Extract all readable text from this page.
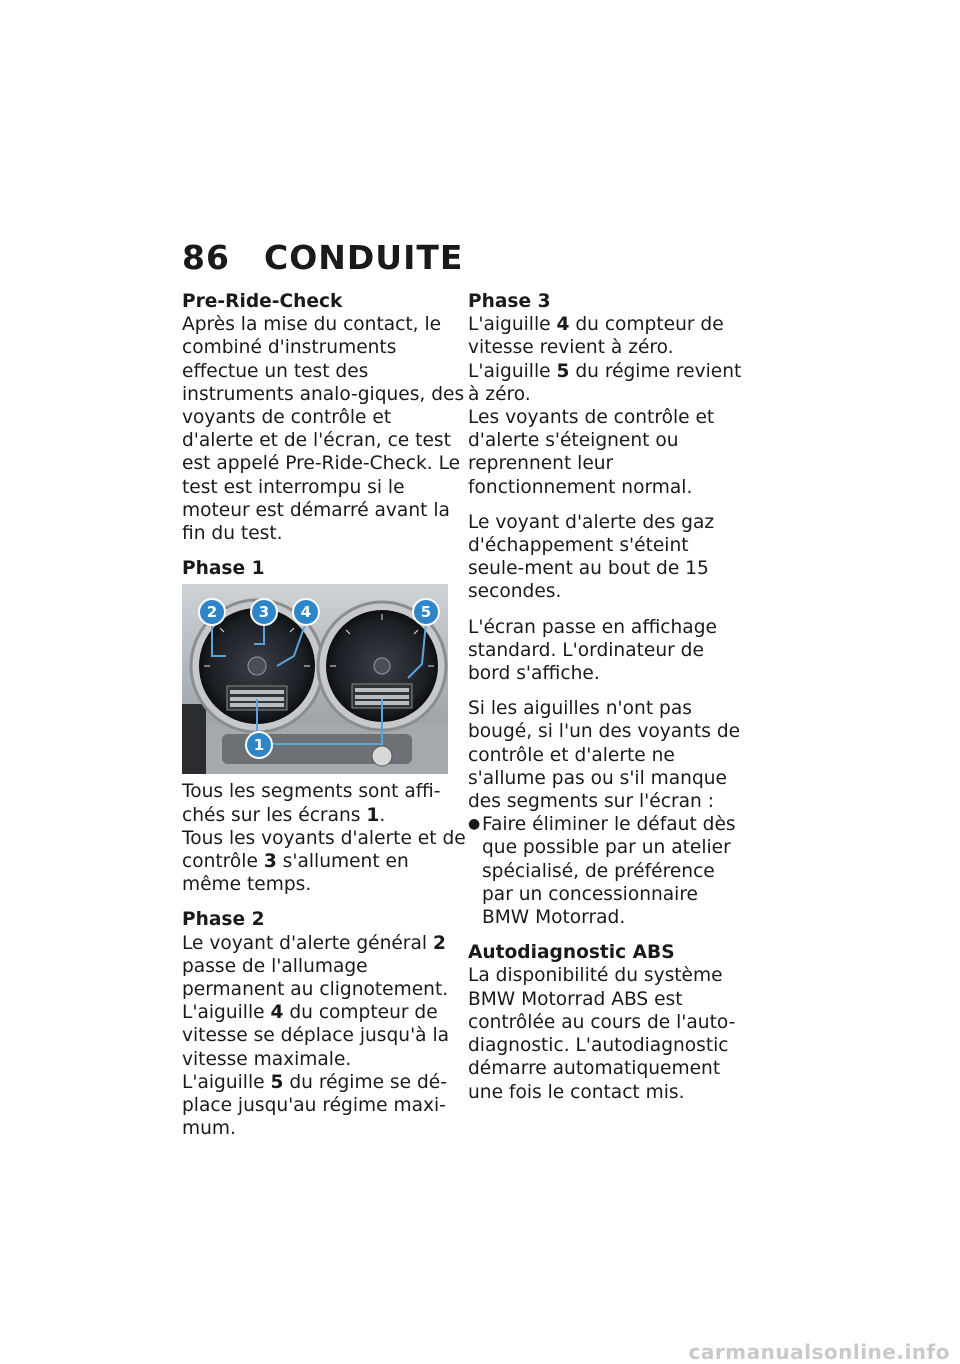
86	CONDUITE
Pre-Ride-Check

Après la mise du contact, le combiné d'instruments effectue un test des instruments analo-giques, des voyants de contrôle et d'alerte et de l'écran, ce test est appelé Pre-Ride-Check. Le test est interrompu si le moteur est démarré avant la fin du test.

Phase 1
2	3 4	5
1

Tous les segments sont affi-chés sur les écrans 1.

Tous les voyants d'alerte et de contrôle 3 s'allument en même temps.

Phase 2

Le voyant d'alerte général 2 passe de l'allumage permanent au clignotement.

L'aiguille 4 du compteur de vitesse se déplace jusqu'à la vitesse maximale.

L'aiguille 5 du régime se dé-place jusqu'au régime maxi-mum.

Phase 3

L'aiguille 4 du compteur de vitesse revient à zéro.

L'aiguille 5 du régime revient à zéro.

Les voyants de contrôle et d'alerte s'éteignent ou reprennent leur fonctionnement normal.

Le voyant d'alerte des gaz d'échappement s'éteint seule-ment au bout de 15 secondes.

L'écran passe en affichage standard. L'ordinateur de bord s'affiche.

Si les aiguilles n'ont pas bougé, si l'un des voyants de contrôle et d'alerte ne s'allume pas ou s'il manque des segments sur l'écran :

● Faire éliminer le défaut dès que possible par un atelier spécialisé, de préférence par un concessionnaire BMW Motorrad.
Autodiagnostic ABS

La disponibilité du système BMW Motorrad ABS est contrôlée au cours de l'auto-diagnostic. L'autodiagnostic démarre automatiquement une fois le contact mis.

carmanualsonline.info
